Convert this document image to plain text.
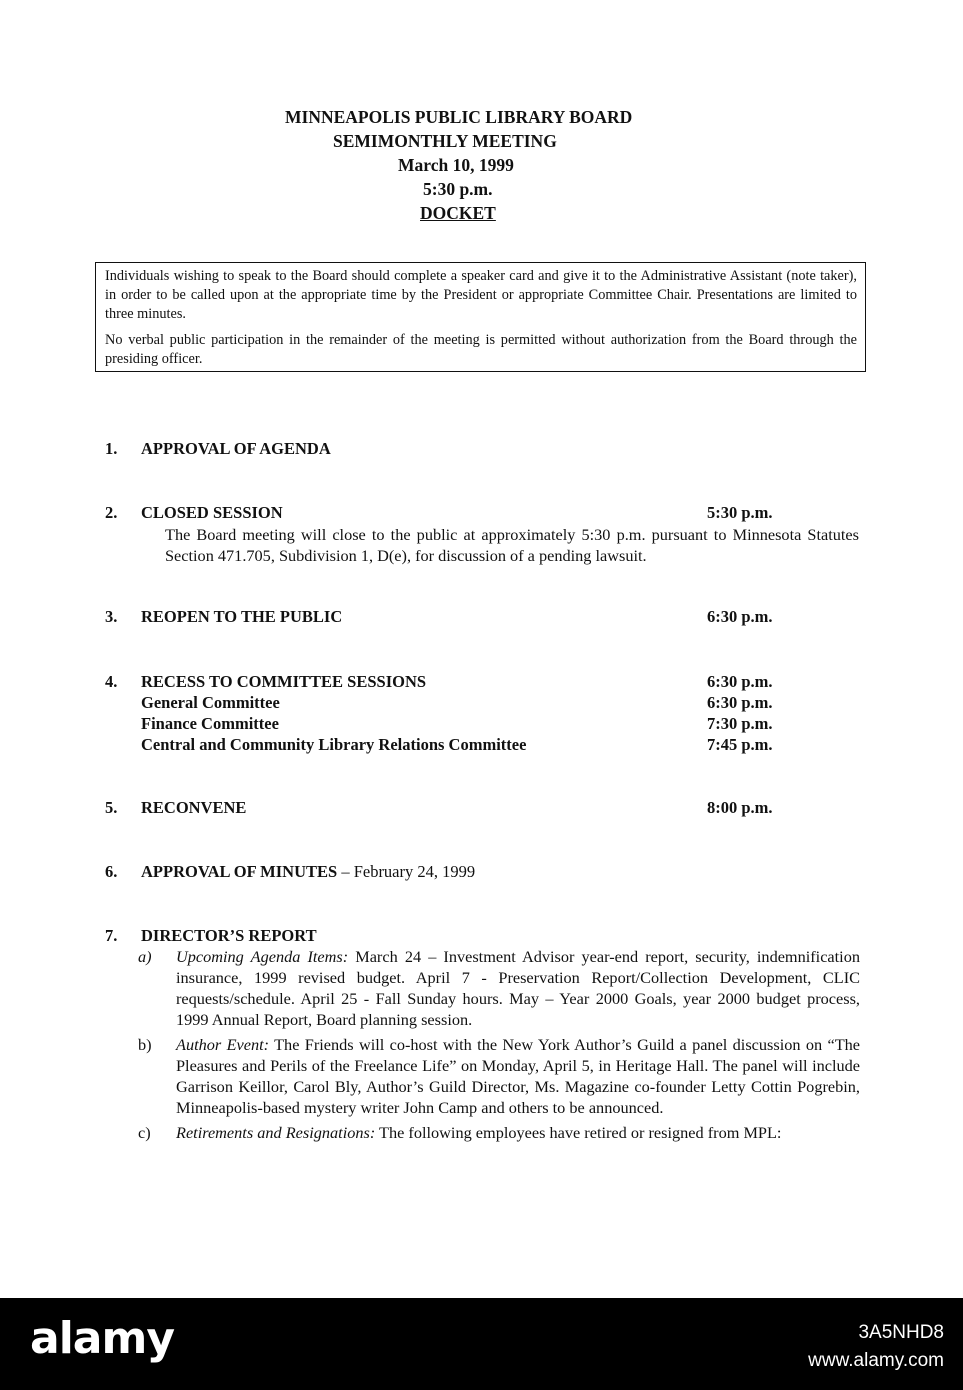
MINNEAPOLIS PUBLIC LIBRARY BOARD
SEMIMONTHLY MEETING
March 10, 1999
5:30 p.m.
DOCKET

Individuals wishing to speak to the Board should complete a speaker card and give it to the Administrative Assistant (note taker), in order to be called upon at the appropriate time by the President or appropriate Committee Chair. Presentations are limited to three minutes.

No verbal public participation in the remainder of the meeting is permitted without authorization from the Board through the presiding officer.

1. APPROVAL OF AGENDA
2. CLOSED SESSION	5:30 p.m.
The Board meeting will close to the public at approximately 5:30 p.m. pursuant to Minnesota Statutes Section 471.705, Subdivision 1, D(e), for discussion of a pending lawsuit.
3. REOPEN TO THE PUBLIC	6:30 p.m.
4. RECESS TO COMMITTEE SESSIONS	6:30 p.m.
General Committee	6:30 p.m.
Finance Committee	7:30 p.m.
Central and Community Library Relations Committee	7:45 p.m.
5. RECONVENE	8:00 p.m.
6. APPROVAL OF MINUTES – February 24, 1999
7. DIRECTOR’S REPORT
a) Upcoming Agenda Items: March 24 – Investment Advisor year-end report, security, indemnification insurance, 1999 revised budget. April 7 - Preservation Report/Collection Development, CLIC requests/schedule. April 25 - Fall Sunday hours. May – Year 2000 Goals, year 2000 budget process, 1999 Annual Report, Board planning session.
b) Author Event: The Friends will co-host with the New York Author’s Guild a panel discussion on “The Pleasures and Perils of the Freelance Life” on Monday, April 5, in Heritage Hall. The panel will include Garrison Keillor, Carol Bly, Author’s Guild Director, Ms. Magazine co-founder Letty Cottin Pogrebin, Minneapolis-based mystery writer John Camp and others to be announced.
c) Retirements and Resignations: The following employees have retired or resigned from MPL:
alamy	3A5NHD8
www.alamy.com
